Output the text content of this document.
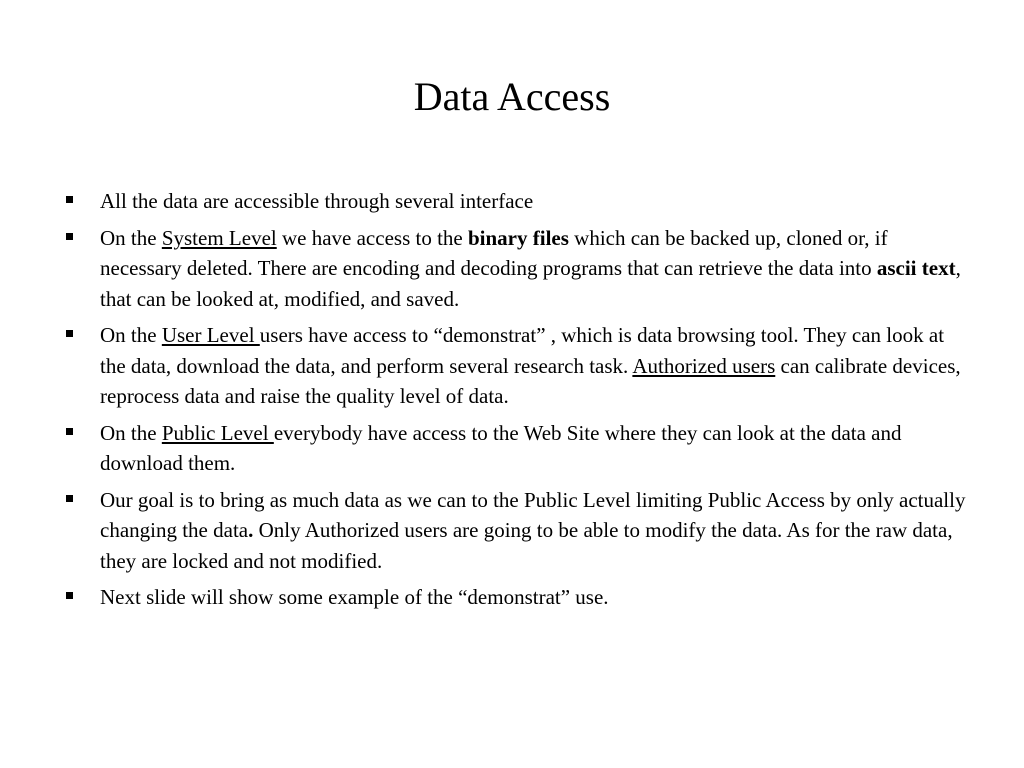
Data Access
All the data are accessible through several interface
On the System Level we have access to the binary files which can be backed up, cloned or, if necessary deleted. There are encoding and decoding programs that can retrieve the data into ascii text, that can be looked at, modified, and saved.
On the User Level users have access to “demonstrat” , which is data browsing tool. They can look at the data, download the data, and perform several research task. Authorized users can calibrate devices, reprocess data and raise the quality level of data.
On the Public Level everybody have access to the Web Site where they can look at the data and download them.
Our goal is to bring as much data as we can to the Public Level limiting Public Access by only actually changing the data. Only Authorized users are going to be able to modify the data. As for the raw data, they are locked and not modified.
Next slide will show some example of the “demonstrat” use.
